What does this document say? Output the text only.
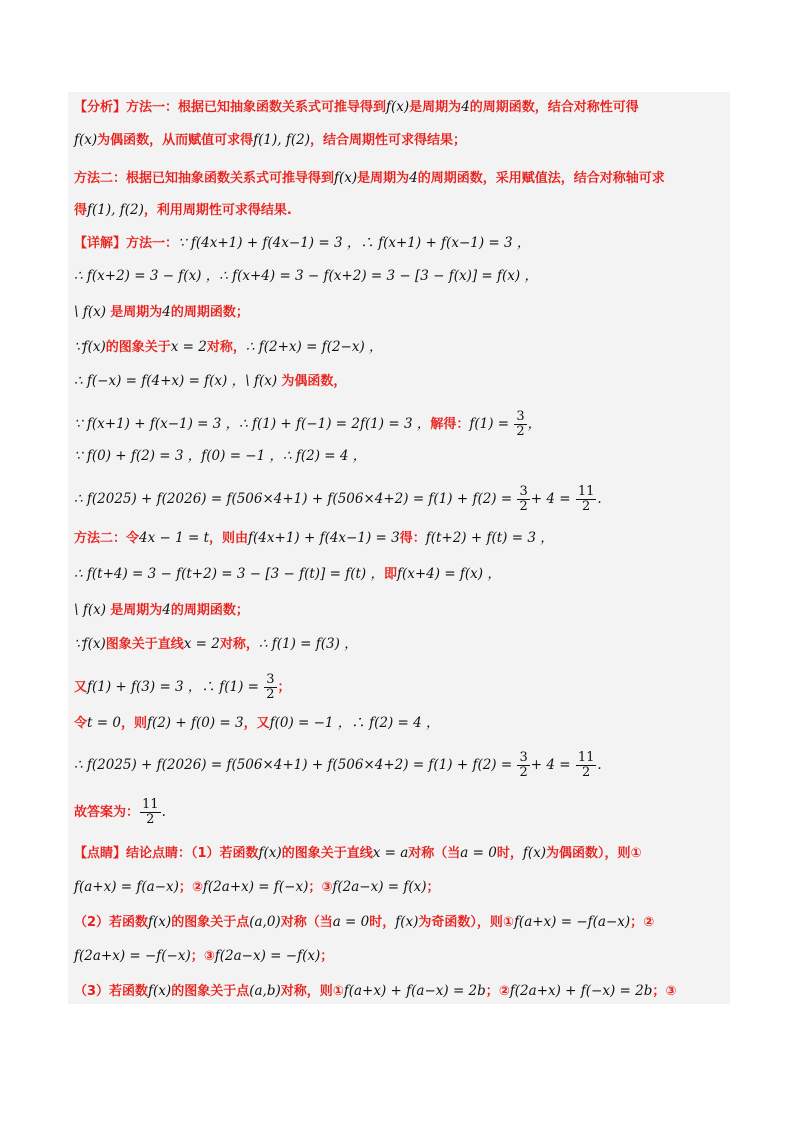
【分析】方法一：根据已知抽象函数关系式可推导得到f(x)是周期为4的周期函数，结合对称性可得
f(x)为偶函数，从而赋值可求得f(1), f(2)，结合周期性可求得结果；
方法二：根据已知抽象函数关系式可推导得到f(x)是周期为4的周期函数，采用赋值法，结合对称轴可求
得f(1), f(2)，利用周期性可求得结果.
【详解】方法一：∵ f(4x+1) + f(4x−1) = 3 ，∴ f(x+1) + f(x−1) = 3 ，
∴ f(x+2) = 3 − f(x) ，∴ f(x+4) = 3 − f(x+2) = 3 − [3 − f(x)] = f(x) ，
\ f(x) 是周期为4的周期函数；
∵f(x)的图象关于x = 2对称，∴ f(2+x) = f(2−x) ，
∴ f(−x) = f(4+x) = f(x) ，\ f(x) 为偶函数，
∵ f(x+1) + f(x−1) = 3 ，∴ f(1) + f(−1) = 2f(1) = 3 ，解得：$f(1) = \frac{3}{2}$ ，
∵ f(0) + f(2) = 3 ，f(0) = −1 ，∴ f(2) = 4 ，
∴ $f(2025) + f(2026) = f(506\times 4+1) + f(506\times 4+2) = f(1) + f(2) = \frac{3}{2} + 4 = \frac{11}{2}$ .
方法二：令4x − 1 = t，则由f(4x+1) + f(4x−1) = 3得：f(t+2) + f(t) = 3 ，
∴ f(t+4) = 3 − f(t+2) = 3 − [3 − f(t)] = f(t) ，即f(x+4) = f(x) ，
\ f(x) 是周期为4的周期函数；
∵f(x)图象关于直线x = 2对称，∴ f(1) = f(3) ，
又f(1) + f(3) = 3 ，∴ $f(1) = \frac{3}{2}$ ；
令t = 0，则f(2) + f(0) = 3，又f(0) = −1 ，∴ f(2) = 4 ，
∴ $f(2025) + f(2026) = f(506\times 4+1) + f(506\times 4+2) = f(1) + f(2) = \frac{3}{2} + 4 = \frac{11}{2}$ .
故答案为： $\frac{11}{2}$ .
【点睛】结论点睛：（1）若函数f(x)的图象关于直线x = a对称（当a = 0时，f(x)为偶函数），则①
f(a+x) = f(a−x)；②f(2a+x) = f(−x)；③f(2a−x) = f(x)；
（2）若函数f(x)的图象关于点(a,0)对称（当a = 0时，f(x)为奇函数），则①f(a+x) = −f(a−x)；②
f(2a+x) = −f(−x)；③f(2a−x) = −f(x)；
（3）若函数f(x)的图象关于点(a,b)对称，则①f(a+x) + f(a−x) = 2b；②f(2a+x) + f(−x) = 2b；③
